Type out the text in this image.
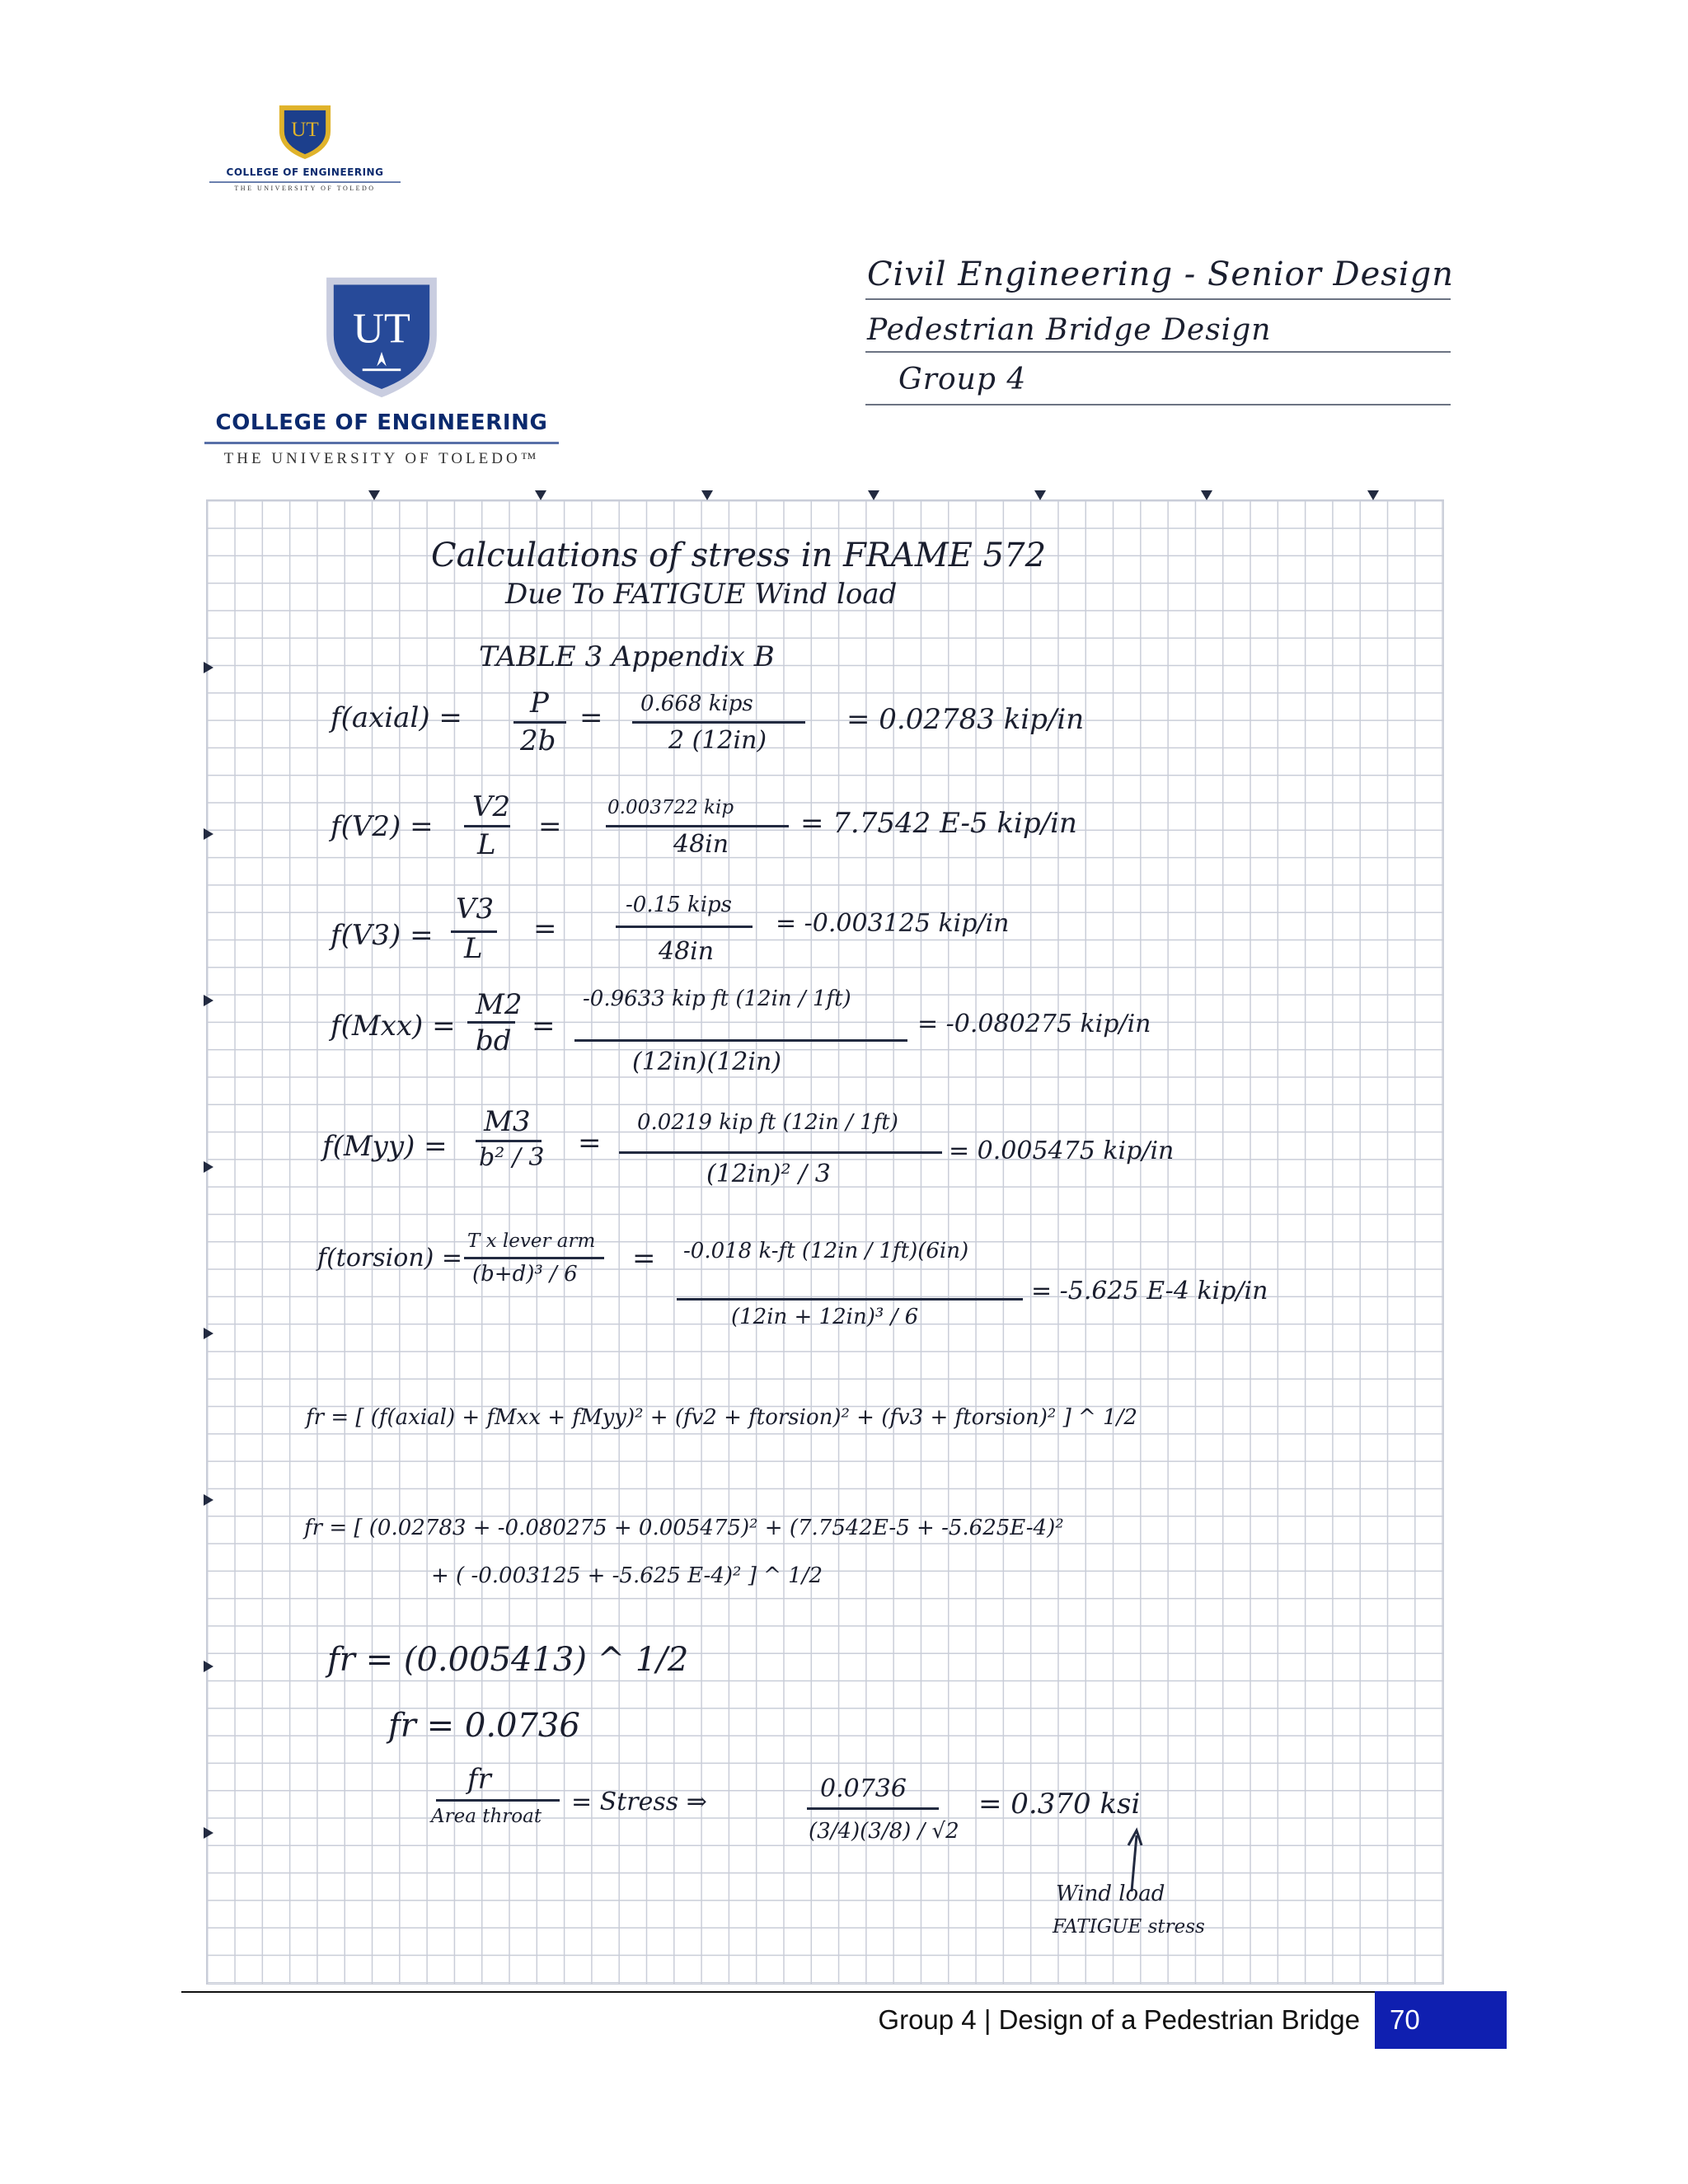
UT
COLLEGE OF ENGINEERING
THE UNIVERSITY OF TOLEDO
UT
COLLEGE OF ENGINEERING
THE UNIVERSITY OF TOLEDO™
Civil Engineering - Senior Design
Pedestrian Bridge Design
Group 4
Calculations of stress in FRAME 572
Due To FATIGUE Wind load
TABLE 3 Appendix B
f(axial) = P
2b
= 0.668 kips
2 (12in)
= 0.02783 kip/in
f(V2) =
V2
L
=
0.003722 kip
48in
= 7.7542 E-5 kip/in
f(V3) =
V3
L
=
-0.15 kips
48in
= -0.003125 kip/in
f(Mxx) =
M2
bd =
-0.9633 kip ft (12in / 1ft)
(12in)(12in)
= -0.080275 kip/in
f(Myy) =
M3
b² / 3 =
0.0219 kip ft (12in / 1ft)
(12in)² / 3
= 0.005475 kip/in
f(torsion) =
T x lever arm
(b+d)³ / 6 = -0.018 k-ft (12in / 1ft)(6in)
(12in + 12in)³ / 6
= -5.625 E-4 kip/in
fr = [ (f(axial) + fMxx + fMyy)² + (fv2 + ftorsion)² + (fv3 + ftorsion)² ] ^ 1/2
fr = [ (0.02783 + -0.080275 + 0.005475)² + (7.7542E-5 + -5.625E-4)²
+ ( -0.003125 + -5.625 E-4)² ] ^ 1/2
fr = (0.005413) ^ 1/2
fr = 0.0736
fr
Area throat = Stress ⇒	0.0736
(3/4)(3/8) / √2
= 0.370 ksi
Wind load
FATIGUE stress
Group 4 | Design of a Pedestrian Bridge 70
